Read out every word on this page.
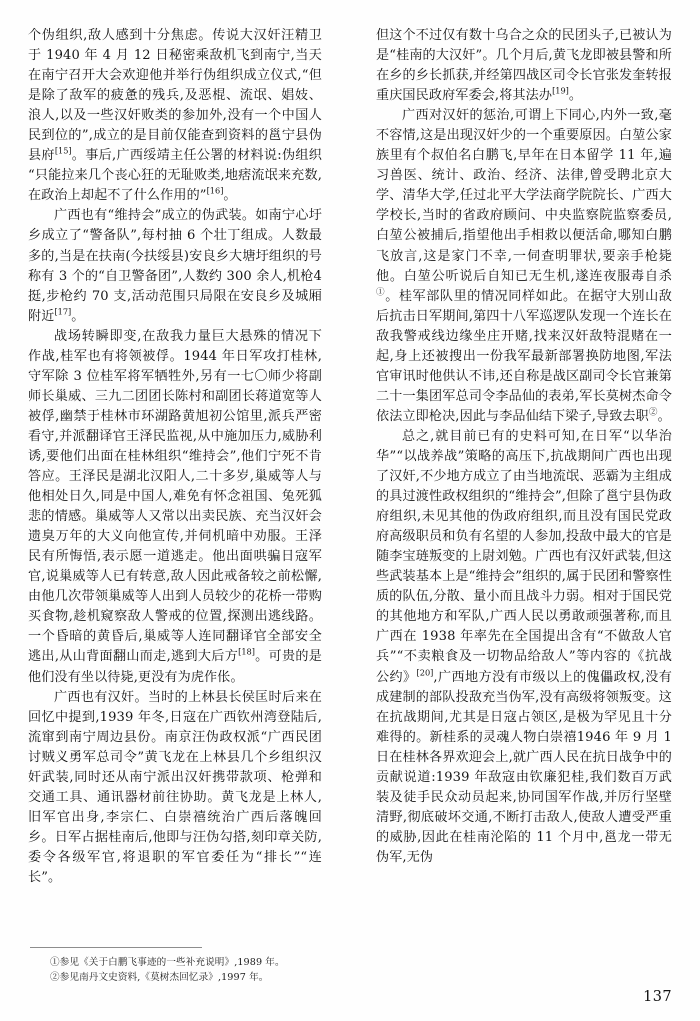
个伪组织,敌人感到十分焦虑。传说大汉奸汪精卫于 1940 年 4 月 12 日秘密乘敌机飞到南宁,当天在南宁召开大会欢迎他并举行伪组织成立仪式,“但是除了敌军的疲惫的残兵,及恶棍、流氓、娼妓、浪人,以及一些汉奸败类的参加外,没有一个中国人民到位的”,成立的是目前仅能查到资料的邕宁县伪县府[15]。事后,广西绥靖主任公署的材料说:伪组织“只能拉来几个丧心狂的无耻败类,地痞流氓来充数,在政治上却起不了什么作用的”[16]。

广西也有“维持会”成立的伪武装。如南宁心圩乡成立了“警备队”,每村抽 6 个壮丁组成。人数最多的,当是在扶南(今扶绥县)安良乡大塘圩组织的号称有 3 个的“自卫警备团”,人数约 300 余人,机枪4 挺,步枪约 70 支,活动范围只局限在安良乡及城厢附近[17]。

战场转瞬即变,在敌我力量巨大悬殊的情况下作战,桂军也有将领被俘。1944 年日军攻打桂林,守军除 3 位桂军将军牺牲外,另有一七〇师少将副师长巢威、三九二团团长陈村和副团长蒋道宽等人被俘,幽禁于桂林市环湖路黄旭初公馆里,派兵严密看守,并派翻译官王泽民监视,从中施加压力,威胁利诱,要他们出面在桂林组织“维持会”,他们宁死不肯答应。王泽民是湖北汉阳人,二十多岁,巢威等人与他相处日久,同是中国人,难免有怀念祖国、兔死狐悲的情感。巢威等人又常以出卖民族、充当汉奸会遗臭万年的大义向他宣传,并伺机暗中劝服。王泽民有所悔悟,表示愿一道逃走。他出面哄骗日寇军官,说巢威等人已有转意,敌人因此戒备较之前松懈,由他几次带领巢威等人出到人员较少的花桥一带购买食物,趁机窥察敌人警戒的位置,探测出逃线路。一个昏暗的黄昏后,巢威等人连同翻译官全部安全逃出,从山背面翻山而走,逃到大后方[18]。可贵的是他们没有坐以待毙,更没有为虎作伥。

广西也有汉奸。当时的上林县长侯匡时后来在回忆中提到,1939 年冬,日寇在广西钦州湾登陆后,流窜到南宁周边县份。南京汪伪政权派“广西民团讨贼义勇军总司令”黄飞龙在上林县几个乡组织汉奸武装,同时还从南宁派出汉奸携带款项、枪弹和交通工具、通讯器材前往协助。黄飞龙是上林人,旧军官出身,李宗仁、白崇禧统治广西后落魄回乡。日军占据桂南后,他即与汪伪勾搭,刻印章关防,委令各级军官,将退职的军官委任为“排长”“连长”。

但这个不过仅有数十乌合之众的民团头子,已被认为是“桂南的大汉奸”。几个月后,黄飞龙即被县警和所在乡的乡长抓获,并经第四战区司令长官张发奎转报重庆国民政府军委会,将其法办[19]。

广西对汉奸的惩治,可谓上下同心,内外一致,毫不容情,这是出现汉奸少的一个重要原因。白堃公家族里有个叔伯名白鹏飞,早年在日本留学 11 年,遍习兽医、统计、政治、经济、法律,曾受聘北京大学、清华大学,任过北平大学法商学院院长、广西大学校长,当时的省政府顾问、中央监察院监察委员,白堃公被捕后,指望他出手相救以便活命,哪知白鹏飞放言,这是家门不幸,一伺查明罪状,要亲手枪毙他。白堃公听说后自知已无生机,遂连夜服毒自杀①。桂军部队里的情况同样如此。在据守大别山敌后抗击日军期间,第四十八军巡逻队发现一个连长在敌我警戒线边缘坐庄开赌,找来汉奸敌特混赌在一起,身上还被搜出一份我军最新部署换防地图,军法官审讯时他供认不讳,还自称是战区副司令长官兼第二十一集团军总司令李品仙的表弟,军长莫树杰命令依法立即枪决,因此与李品仙结下梁子,导致去职②。

总之,就目前已有的史料可知,在日军“以华治华”“以战养战”策略的高压下,抗战期间广西也出现了汉奸,不少地方成立了由当地流氓、恶霸为主组成的具过渡性政权组织的“维持会”,但除了邕宁县伪政府组织,未见其他的伪政府组织,而且没有国民党政府高级职员和负有名望的人参加,投敌中最大的官是随李宝琏叛变的上尉刘勉。广西也有汉奸武装,但这些武装基本上是“维持会”组织的,属于民团和警察性质的队伍,分散、量小而且战斗力弱。相对于国民党的其他地方和军队,广西人民以勇敢顽强著称,而且广西在 1938 年率先在全国提出含有“不做敌人官兵”“不卖粮食及一切物品给敌人”等内容的《抗战公约》[20],广西地方没有市级以上的傀儡政权,没有成建制的部队投敌充当伪军,没有高级将领叛变。这在抗战期间,尤其是日寇占领区,是极为罕见且十分难得的。新桂系的灵魂人物白崇禧1946 年 9 月 1 日在桂林各界欢迎会上,就广西人民在抗日战争中的贡献说道:1939 年敌寇由钦廉犯桂,我们数百万武装及徒手民众动员起来,协同国军作战,并厉行坚壁清野,彻底破坏交通,不断打击敌人,使敌人遭受严重的威胁,因此在桂南沦陷的 11 个月中,邕龙一带无伪军,无伪

①参见《关于白鹏飞事迹的一些补充说明》,1989 年。
②参见南丹文史资料,《莫树杰回忆录》,1997 年。
137
